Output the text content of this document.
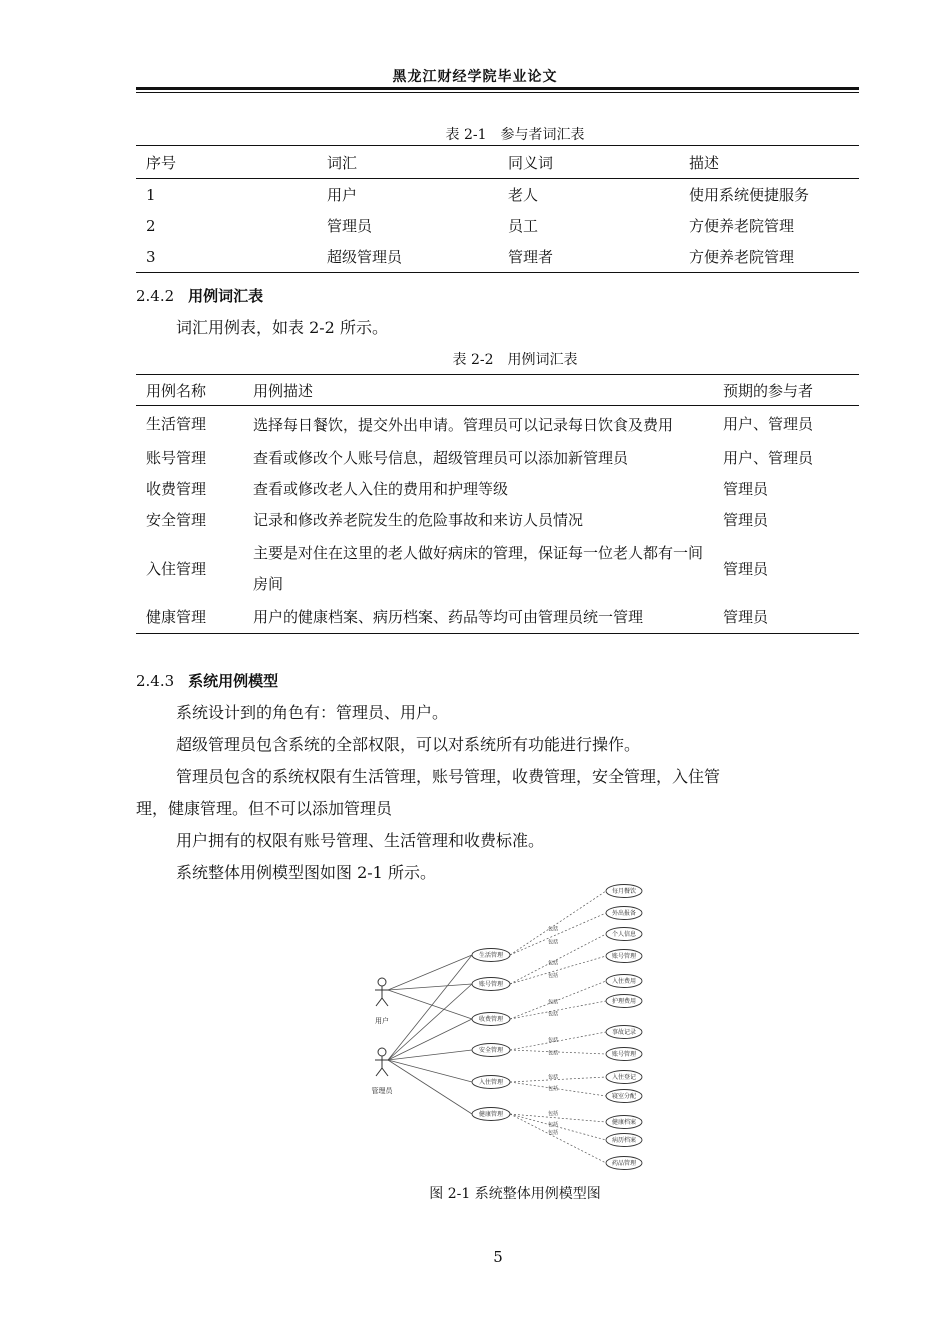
黑龙江财经学院毕业论文
表 2-1　参与者词汇表
序号	词汇	同义词	描述
1	用户	老人	使用系统便捷服务
2	管理员	员工	方便养老院管理
3	超级管理员	管理者	方便养老院管理
2.4.2 用例词汇表
词汇用例表，如表 2-2 所示。
表 2-2　用例词汇表
用例名称	用例描述	预期的参与者
生活管理	选择每日餐饮，提交外出申请。管理员可以记录每日饮食及费用	用户、管理员
账号管理	查看或修改个人账号信息，超级管理员可以添加新管理员	用户、管理员
收费管理	查看或修改老人入住的费用和护理等级	管理员
安全管理	记录和修改养老院发生的危险事故和来访人员情况	管理员
入住管理	主要是对住在这里的老人做好病床的管理，保证每一位老人都有一间房间	管理员
健康管理	用户的健康档案、病历档案、药品等均可由管理员统一管理	管理员
2.4.3 系统用例模型
系统设计到的角色有：管理员、用户。
超级管理员包含系统的全部权限，可以对系统所有功能进行操作。
管理员包含的系统权限有生活管理，账号管理，收费管理，安全管理，入住管
理，健康管理。但不可以添加管理员
用户拥有的权限有账号管理、生活管理和收费标准。
系统整体用例模型图如图 2-1 所示。
包括
包括
包括
包括
包括
包括
包括
包括
包括
包括
包括
包括
包括
用户
管理员
生活管理
账号管理
收费管理
安全管理
入住管理
健康管理
每月餐饮
外出报备
个人信息
账号管理
入住费用
护理费用
事故记录
账号管理
入住登记
寝室分配
健康档案
病历档案
药品管理
图 2-1 系统整体用例模型图
5
